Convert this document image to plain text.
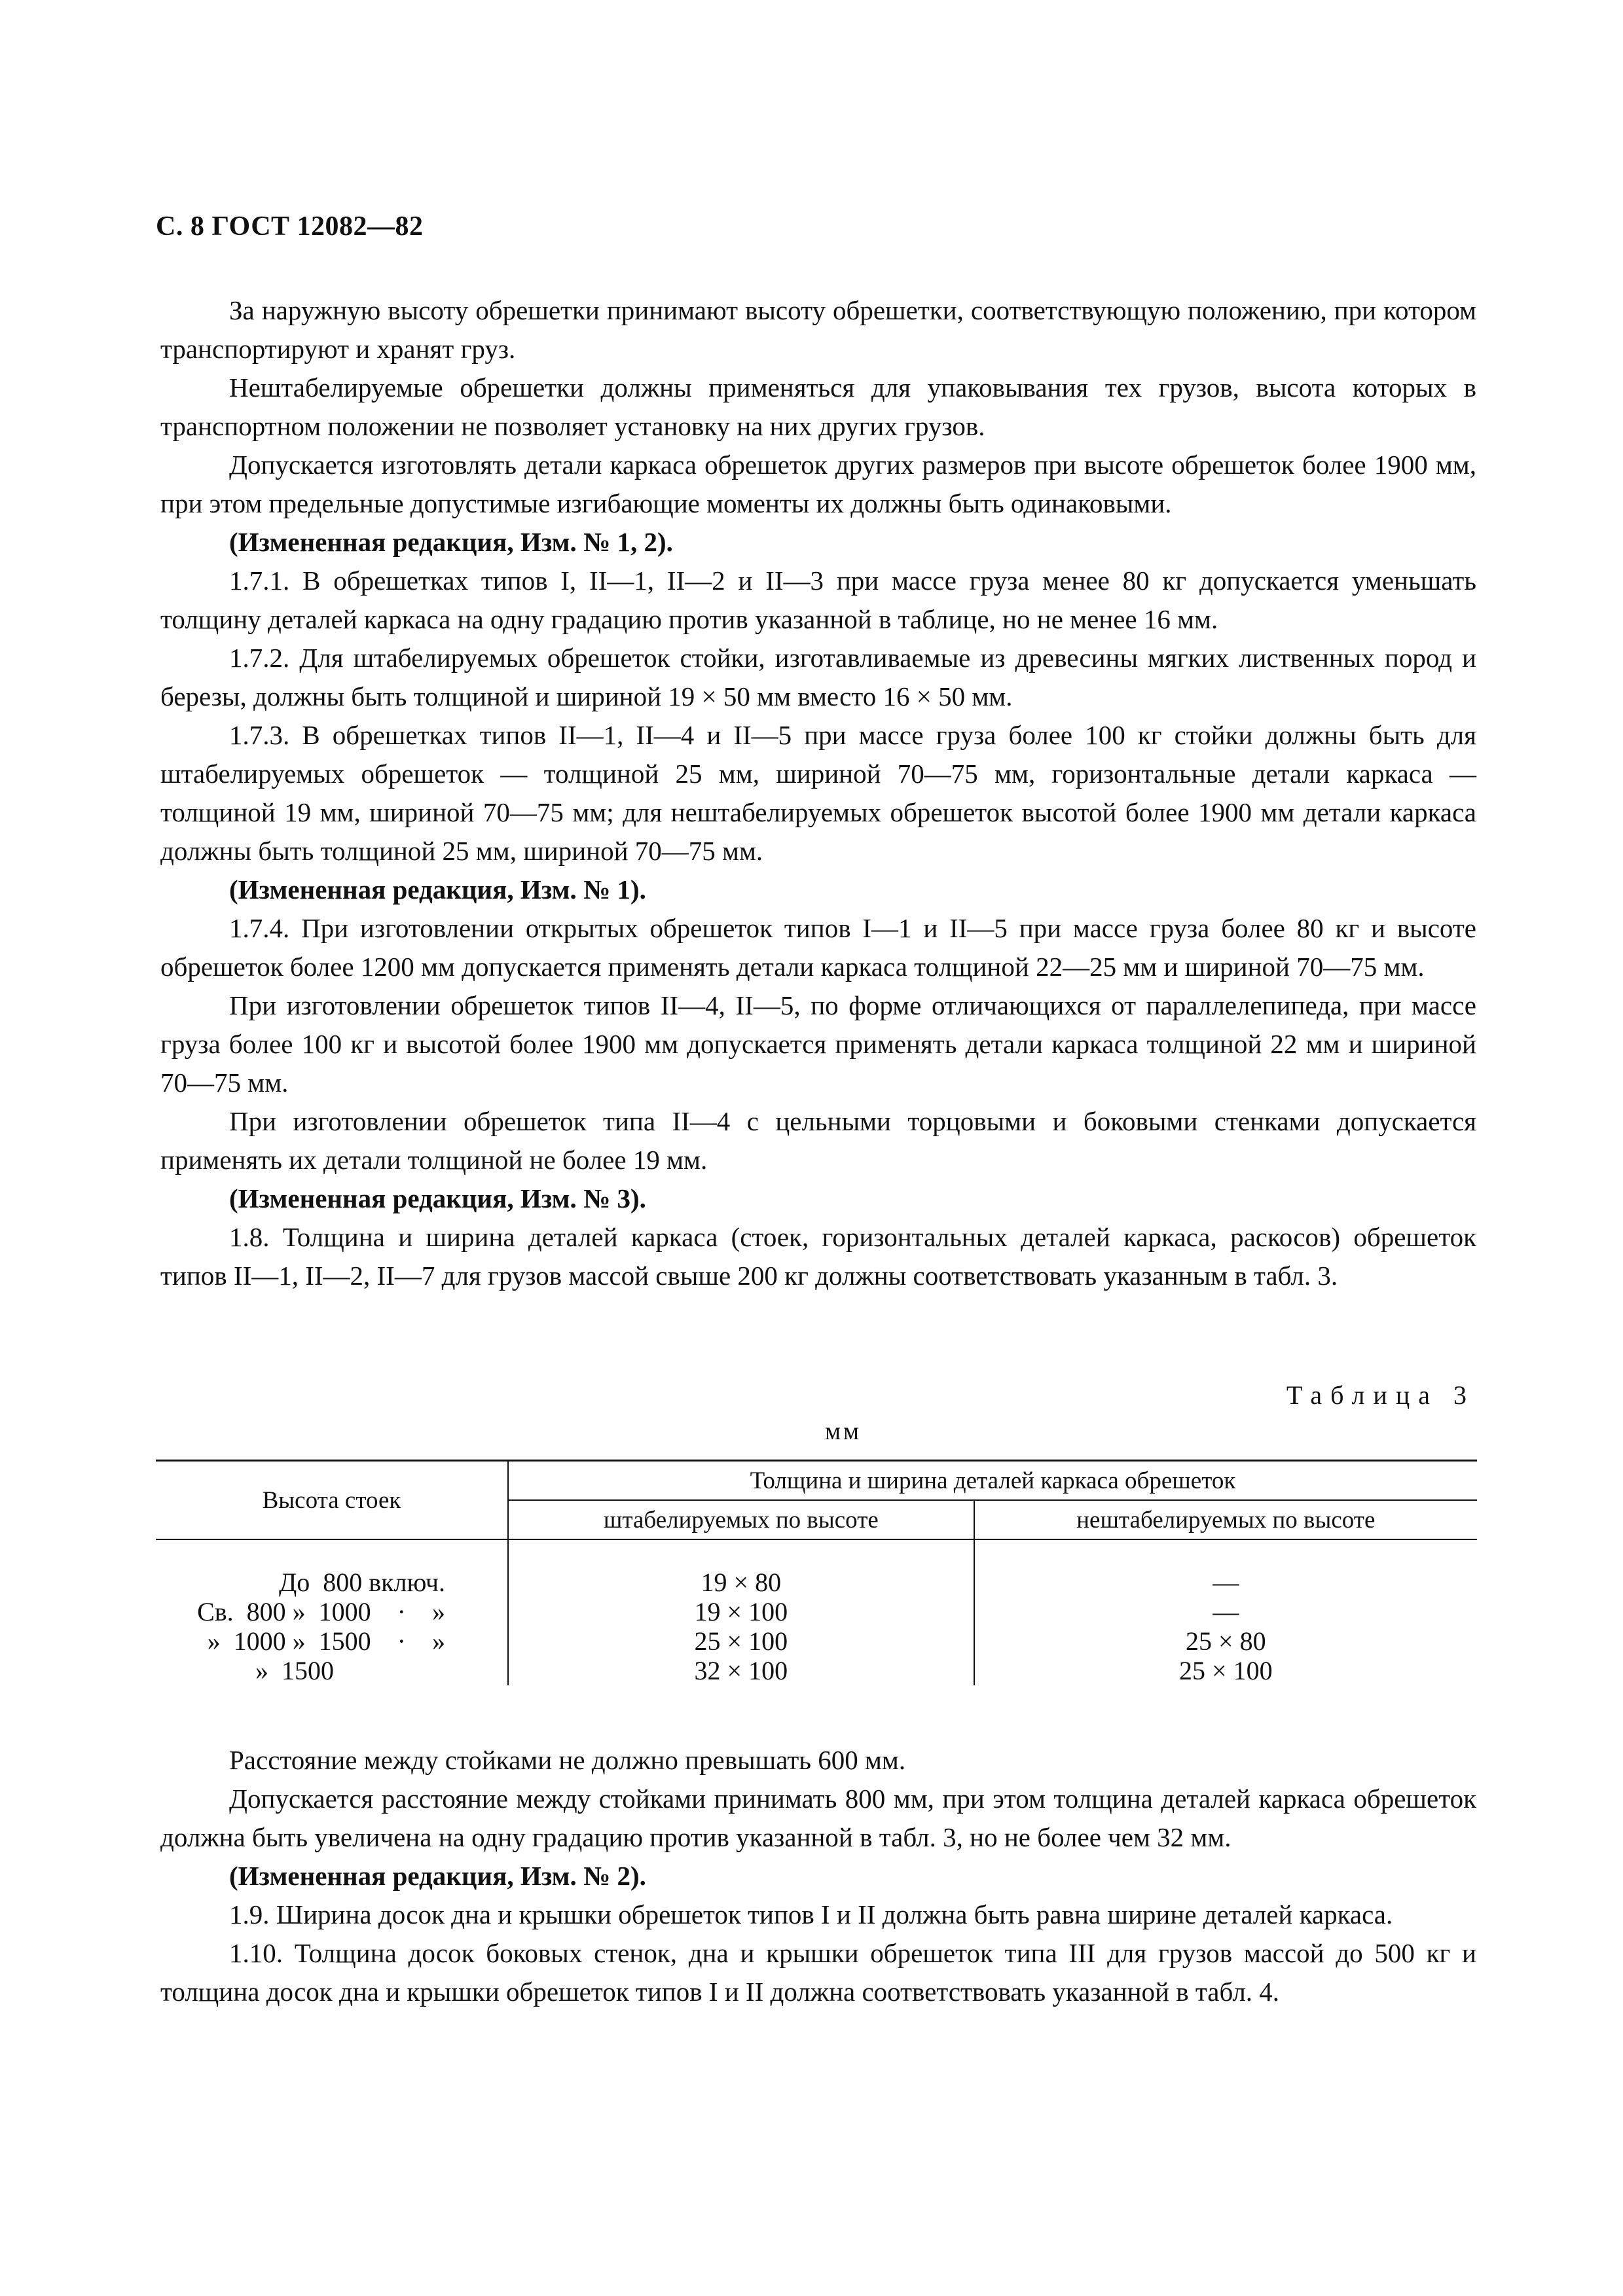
С. 8 ГОСТ 12082—82

За наружную высоту обрешетки принимают высоту обрешетки, соответствующую положению, при котором транспортируют и хранят груз.

Нештабелируемые обрешетки должны применяться для упаковывания тех грузов, высота которых в транспортном положении не позволяет установку на них других грузов.

Допускается изготовлять детали каркаса обрешеток других размеров при высоте обрешеток более 1900 мм, при этом предельные допустимые изгибающие моменты их должны быть одинаковыми.

(Измененная редакция, Изм. № 1, 2).

1.7.1. В обрешетках типов I, II—1, II—2 и II—3 при массе груза менее 80 кг допускается уменьшать толщину деталей каркаса на одну градацию против указанной в таблице, но не менее 16 мм.

1.7.2. Для штабелируемых обрешеток стойки, изготавливаемые из древесины мягких лиственных пород и березы, должны быть толщиной и шириной 19 × 50 мм вместо 16 × 50 мм.

1.7.3. В обрешетках типов II—1, II—4 и II—5 при массе груза более 100 кг стойки должны быть для штабелируемых обрешеток — толщиной 25 мм, шириной 70—75 мм, горизонтальные детали каркаса — толщиной 19 мм, шириной 70—75 мм; для нештабелируемых обрешеток высотой более 1900 мм детали каркаса должны быть толщиной 25 мм, шириной 70—75 мм.

(Измененная редакция, Изм. № 1).

1.7.4. При изготовлении открытых обрешеток типов I—1 и II—5 при массе груза более 80 кг и высоте обрешеток более 1200 мм допускается применять детали каркаса толщиной 22—25 мм и шириной 70—75 мм.

При изготовлении обрешеток типов II—4, II—5, по форме отличающихся от параллелепипеда, при массе груза более 100 кг и высотой более 1900 мм допускается применять детали каркаса толщиной 22 мм и шириной 70—75 мм.

При изготовлении обрешеток типа II—4 с цельными торцовыми и боковыми стенками допускается применять их детали толщиной не более 19 мм.

(Измененная редакция, Изм. № 3).

1.8. Толщина и ширина деталей каркаса (стоек, горизонтальных деталей каркаса, раскосов) обрешеток типов II—1, II—2, II—7 для грузов массой свыше 200 кг должны соответствовать указанным в табл. 3.

Таблица 3
мм
Высота стоек	Толщина и ширина деталей каркаса обрешеток	
	штабелируемых по высоте	нештабелируемых по высоте
До  800 включ.	19 × 80	—
Св.  800 »  1000    ·    »	19 × 100	—
»  1000 »  1500    ·    »	25 × 100	25 × 80
»  1500	32 × 100	25 × 100

Расстояние между стойками не должно превышать 600 мм.

Допускается расстояние между стойками принимать 800 мм, при этом толщина деталей каркаса обрешеток должна быть увеличена на одну градацию против указанной в табл. 3, но не более чем 32 мм.

(Измененная редакция, Изм. № 2).

1.9. Ширина досок дна и крышки обрешеток типов I и II должна быть равна ширине деталей каркаса.

1.10. Толщина досок боковых стенок, дна и крышки обрешеток типа III для грузов массой до 500 кг и толщина досок дна и крышки обрешеток типов I и II должна соответствовать указанной в табл. 4.
